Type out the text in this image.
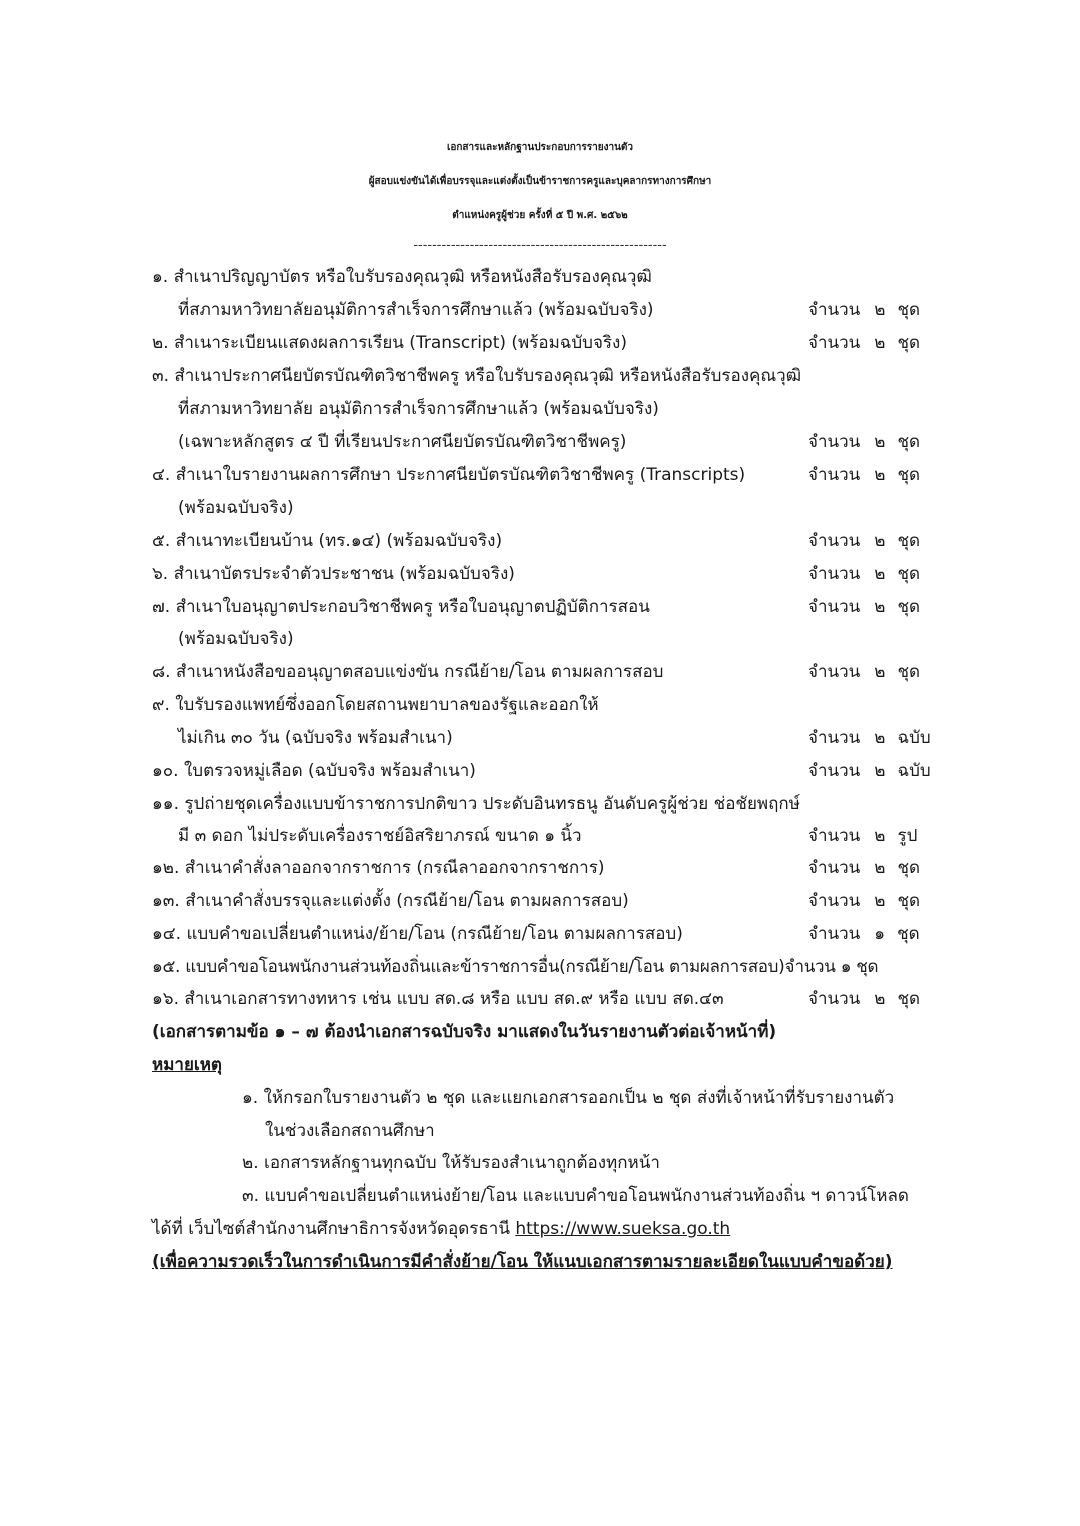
เอกสารและหลักฐานประกอบการรายงานตัว
ผู้สอบแข่งขันได้เพื่อบรรจุและแต่งตั้งเป็นข้าราชการครูและบุคลากรทางการศึกษา
ตำแหน่งครูผู้ช่วย ครั้งที่ ๕ ปี พ.ศ. ๒๕๖๒
------------------------------------------------------
๑. สำเนาปริญญาบัตร หรือใบรับรองคุณวุฒิ หรือหนังสือรับรองคุณวุฒิ
ที่สภามหาวิทยาลัยอนุมัติการสำเร็จการศึกษาแล้ว (พร้อมฉบับจริง)	จำนวน ๒ ชุด
๒. สำเนาระเบียนแสดงผลการเรียน (Transcript) (พร้อมฉบับจริง)	จำนวน ๒ ชุด
๓. สำเนาประกาศนียบัตรบัณฑิตวิชาชีพครู หรือใบรับรองคุณวุฒิ หรือหนังสือรับรองคุณวุฒิ
ที่สภามหาวิทยาลัย อนุมัติการสำเร็จการศึกษาแล้ว (พร้อมฉบับจริง)
(เฉพาะหลักสูตร ๔ ปี ที่เรียนประกาศนียบัตรบัณฑิตวิชาชีพครู)	จำนวน ๒ ชุด
๔. สำเนาใบรายงานผลการศึกษา ประกาศนียบัตรบัณฑิตวิชาชีพครู (Transcripts)	จำนวน ๒ ชุด
(พร้อมฉบับจริง)
๕. สำเนาทะเบียนบ้าน (ทร.๑๔) (พร้อมฉบับจริง)	จำนวน ๒ ชุด
๖. สำเนาบัตรประจำตัวประชาชน (พร้อมฉบับจริง)	จำนวน ๒ ชุด
๗. สำเนาใบอนุญาตประกอบวิชาชีพครู หรือใบอนุญาตปฏิบัติการสอน	จำนวน ๒ ชุด
(พร้อมฉบับจริง)
๘. สำเนาหนังสือขออนุญาตสอบแข่งขัน กรณีย้าย/โอน ตามผลการสอบ	จำนวน ๒ ชุด
๙. ใบรับรองแพทย์ซึ่งออกโดยสถานพยาบาลของรัฐและออกให้
ไม่เกิน ๓๐ วัน (ฉบับจริง พร้อมสำเนา)	จำนวน ๒ ฉบับ
๑๐. ใบตรวจหมู่เลือด (ฉบับจริง พร้อมสำเนา)	จำนวน ๒ ฉบับ
๑๑. รูปถ่ายชุดเครื่องแบบข้าราชการปกติขาว ประดับอินทรธนู อันดับครูผู้ช่วย ช่อชัยพฤกษ์
มี ๓ ดอก ไม่ประดับเครื่องราชย์อิสริยาภรณ์ ขนาด ๑ นิ้ว	จำนวน ๒ รูป
๑๒. สำเนาคำสั่งลาออกจากราชการ (กรณีลาออกจากราชการ)	จำนวน ๒ ชุด
๑๓. สำเนาคำสั่งบรรจุและแต่งตั้ง (กรณีย้าย/โอน ตามผลการสอบ)	จำนวน ๒ ชุด
๑๔. แบบคำขอเปลี่ยนตำแหน่ง/ย้าย/โอน (กรณีย้าย/โอน ตามผลการสอบ)	จำนวน ๑ ชุด
๑๕. แบบคำขอโอนพนักงานส่วนท้องถิ่นและข้าราชการอื่น(กรณีย้าย/โอน ตามผลการสอบ)จำนวน ๑ ชุด
๑๖. สำเนาเอกสารทางทหาร เช่น แบบ สด.๘ หรือ แบบ สด.๙ หรือ แบบ สด.๔๓	จำนวน ๒ ชุด
(เอกสารตามข้อ ๑ – ๗ ต้องนำเอกสารฉบับจริง มาแสดงในวันรายงานตัวต่อเจ้าหน้าที่)
หมายเหตุ
๑. ให้กรอกใบรายงานตัว ๒ ชุด และแยกเอกสารออกเป็น ๒ ชุด ส่งที่เจ้าหน้าที่รับรายงานตัว
ในช่วงเลือกสถานศึกษา
๒. เอกสารหลักฐานทุกฉบับ ให้รับรองสำเนาถูกต้องทุกหน้า
๓. แบบคำขอเปลี่ยนตำแหน่งย้าย/โอน และแบบคำขอโอนพนักงานส่วนท้องถิ่น ฯ ดาวน์โหลด
ได้ที่ เว็บไซต์สำนักงานศึกษาธิการจังหวัดอุดรธานี https://www.sueksa.go.th
(เพื่อความรวดเร็วในการดำเนินการมีคำสั่งย้าย/โอน ให้แนบเอกสารตามรายละเอียดในแบบคำขอด้วย)
